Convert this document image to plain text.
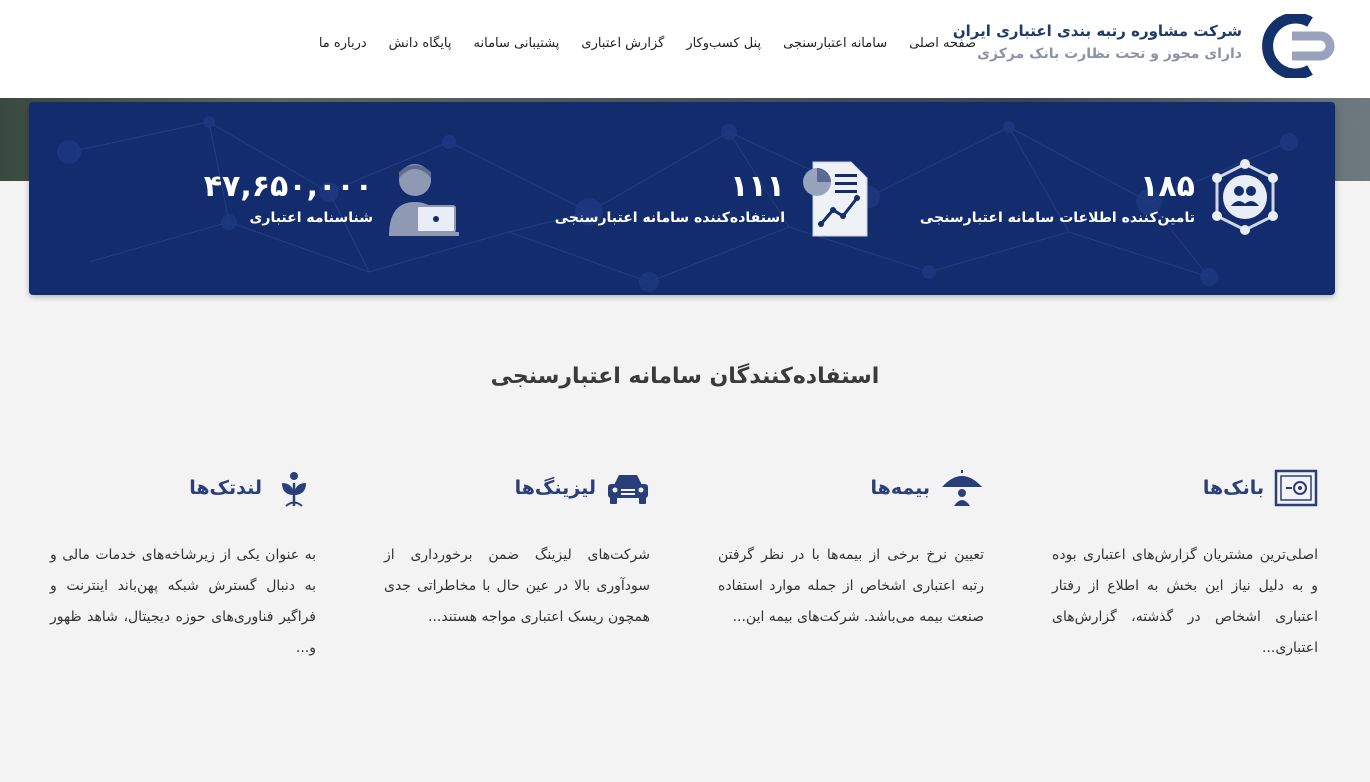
شرکت مشاوره رتبه بندی اعتباری ایران
دارای مجوز و تحت نظارت بانک مرکزی
صفحه اصلی
سامانه اعتبارسنجی
پنل کسب‌وکار
گزارش اعتباری
پشتیبانی سامانه
پایگاه دانش
درباره ما
۱۸۵
تامین‌کننده اطلاعات سامانه اعتبارسنجی
۱۱۱
استفاده‌کننده سامانه اعتبارسنجی
۴۷,۶۵۰,۰۰۰
شناسنامه اعتباری
استفاده‌کنندگان سامانه اعتبارسنجی
بانک‌ها
اصلی‌ترین مشتریان گزارش‌های اعتباری بوده و به دلیل نیاز این بخش به اطلاع از رفتار اعتباری اشخاص در گذشته، گزارش‌های اعتباری...
بیمه‌ها
تعیین نرخ برخی از بیمه‌ها با در نظر گرفتن رتبه اعتباری اشخاص از جمله موارد استفاده صنعت بیمه می‌باشد. شرکت‌های بیمه این...
لیزینگ‌ها
شرکت‌های لیزینگ ضمن برخورداری از سودآوری بالا در عین حال با مخاطراتی جدی همچون ریسک اعتباری مواجه هستند...
لندتک‌ها
به عنوان یکی از زیرشاخه‌های خدمات مالی و به دنبال گسترش شبکه پهن‌باند اینترنت و فراگیر فناوری‌های حوزه دیجیتال، شاهد ظهور و...
